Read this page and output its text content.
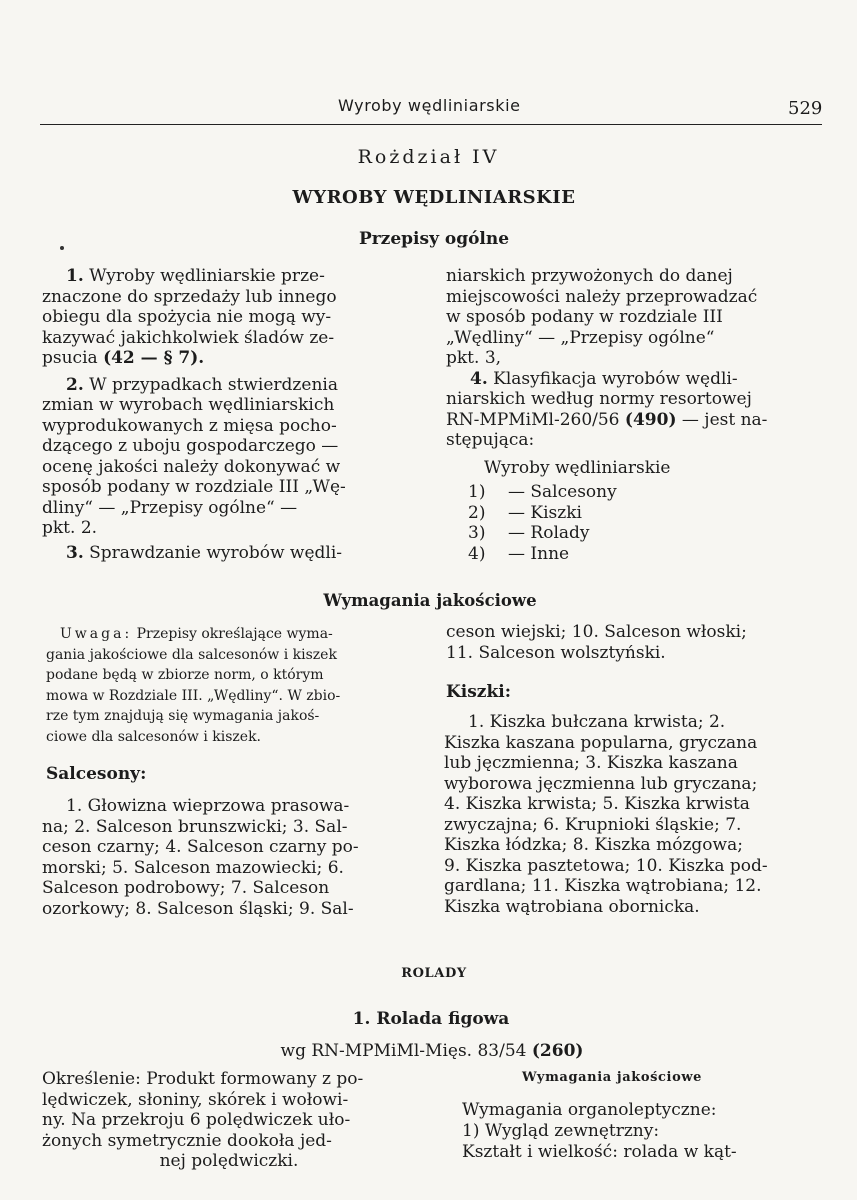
Wyroby wędliniarskie	529
Rożdział IV
WYROBY WĘDLINIARSKIE
Przepisy ogólne

1. Wyroby wędliniarskie prze-

znaczone do sprzedaży lub innego

obiegu dla spożycia nie mogą wy-

kazywać jakichkolwiek śladów ze-

psucia (42 — § 7).

2. W przypadkach stwierdzenia

zmian w wyrobach wędliniarskich

wyprodukowanych z mięsa pocho-

dzącego z uboju gospodarczego —

ocenę jakości należy dokonywać w

sposób podany w rozdziale III „Wę-

dliny“ — „Przepisy ogólne“ —

pkt. 2.

3. Sprawdzanie wyrobów wędli-

niarskich przywożonych do danej

miejscowości należy przeprowadzać

w sposób podany w rozdziale III

„Wędliny“ — „Przepisy ogólne“

pkt. 3,

4. Klasyfikacja wyrobów wędli-

niarskich według normy resortowej

RN-MPMiMl-260/56 (490) — jest na-

stępująca:

Wyroby wędliniarskie
1) — Salcesony
2) — Kiszki
3) — Rolady
4) — Inne
Wymagania jakościowe
Uwaga: Przepisy określające wyma-
gania jakościowe dla salcesonów i kiszek
podane będą w zbiorze norm, o którym
mowa w Rozdziale III. „Wędliny“. W zbio-
rze tym znajdują się wymagania jakoś-
ciowe dla salcesonów i kiszek.
Salcesony:

1. Głowizna wieprzowa prasowa-

na; 2. Salceson brunszwicki; 3. Sal-

ceson czarny; 4. Salceson czarny po-

morski; 5. Salceson mazowiecki; 6.

Salceson podrobowy; 7. Salceson

ozorkowy; 8. Salceson śląski; 9. Sal-

ceson wiejski; 10. Salceson włoski;

11. Salceson wolsztyński.

Kiszki:

1. Kiszka bułczana krwista; 2.

Kiszka kaszana popularna, gryczana

lub jęczmienna; 3. Kiszka kaszana

wyborowa jęczmienna lub gryczana;

4. Kiszka krwista; 5. Kiszka krwista

zwyczajna; 6. Krupnioki śląskie; 7.

Kiszka łódzka; 8. Kiszka mózgowa;

9. Kiszka pasztetowa; 10. Kiszka pod-

gardlana; 11. Kiszka wątrobiana; 12.

Kiszka wątrobiana obornicka.

ROLADY
1. Rolada figowa
wg RN-MPMiMl-Mięs. 83/54 (260)

Określenie: Produkt formowany z po-

lędwiczek, słoniny, skórek i wołowi-

ny. Na przekroju 6 polędwiczek uło-

żonych symetrycznie dookoła jed-

nej polędwiczki.

Wymagania jakościowe
Wymagania organoleptyczne:
1) Wygląd zewnętrzny:
Kształt i wielkość: rolada w kąt-
